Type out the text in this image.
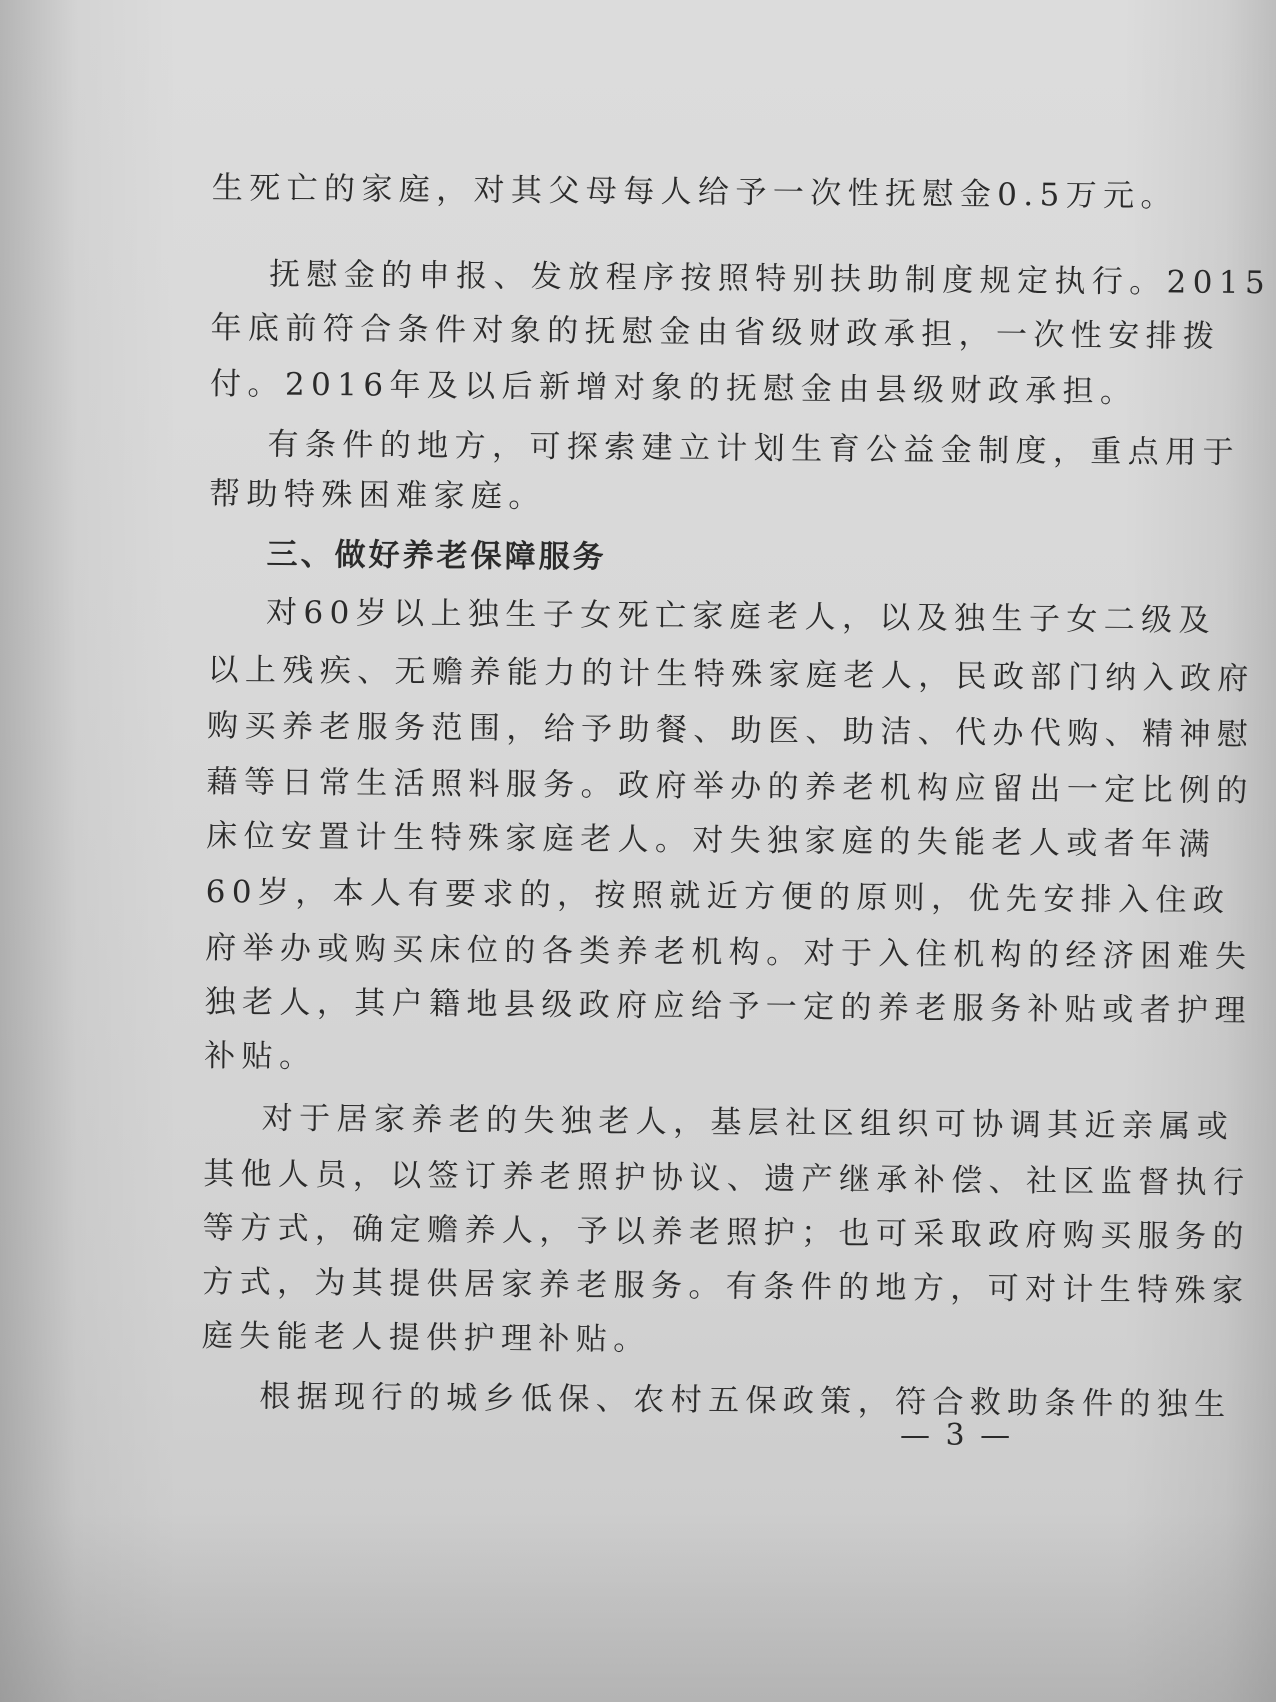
生死亡的家庭，对其父母每人给予一次性抚慰金0.5万元。
抚慰金的申报、发放程序按照特别扶助制度规定执行。2015
年底前符合条件对象的抚慰金由省级财政承担，一次性安排拨
付。2016年及以后新增对象的抚慰金由县级财政承担。
有条件的地方，可探索建立计划生育公益金制度，重点用于
帮助特殊困难家庭。
三、做好养老保障服务
对60岁以上独生子女死亡家庭老人，以及独生子女二级及
以上残疾、无赡养能力的计生特殊家庭老人，民政部门纳入政府
购买养老服务范围，给予助餐、助医、助洁、代办代购、精神慰
藉等日常生活照料服务。政府举办的养老机构应留出一定比例的
床位安置计生特殊家庭老人。对失独家庭的失能老人或者年满
60岁，本人有要求的，按照就近方便的原则，优先安排入住政
府举办或购买床位的各类养老机构。对于入住机构的经济困难失
独老人，其户籍地县级政府应给予一定的养老服务补贴或者护理
补贴。
对于居家养老的失独老人，基层社区组织可协调其近亲属或
其他人员，以签订养老照护协议、遗产继承补偿、社区监督执行
等方式，确定赡养人，予以养老照护；也可采取政府购买服务的
方式，为其提供居家养老服务。有条件的地方，可对计生特殊家
庭失能老人提供护理补贴。
根据现行的城乡低保、农村五保政策，符合救助条件的独生
— 3 —
